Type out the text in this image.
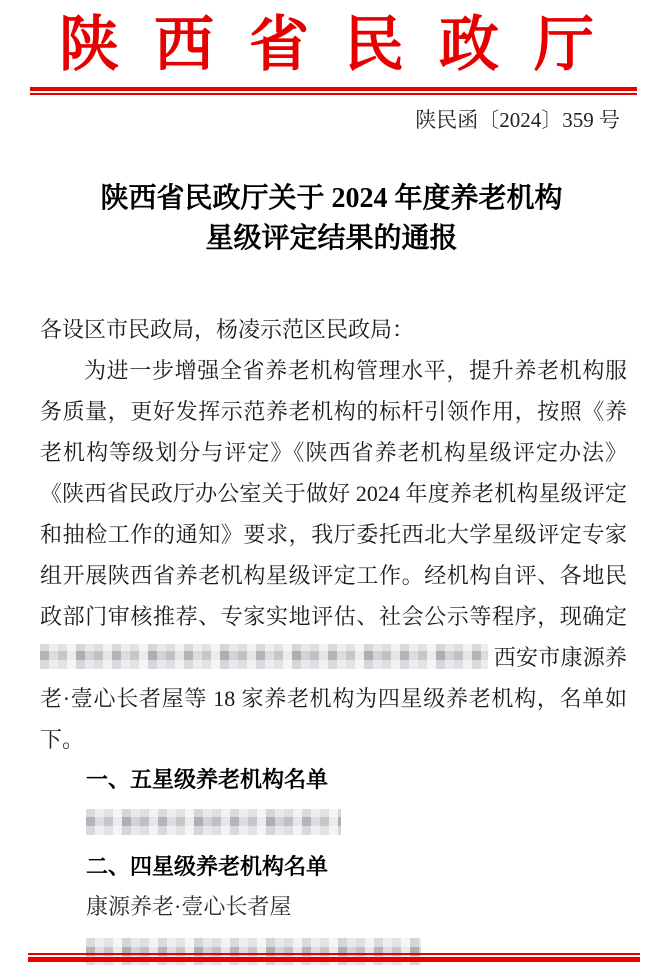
陕 西 省 民 政 厅
陕民函〔2024〕359 号
陕西省民政厅关于 2024 年度养老机构
星级评定结果的通报
各设区市民政局，杨凌示范区民政局：
为进一步增强全省养老机构管理水平，提升养老机构服务质量，更好发挥示范养老机构的标杆引领作用，按照《养老机构等级划分与评定》《陕西省养老机构星级评定办法》《陕西省民政厅办公室关于做好 2024 年度养老机构星级评定和抽检工作的通知》要求，我厅委托西北大学星级评定专家组开展陕西省养老机构星级评定工作。经机构自评、各地民政部门审核推荐、专家实地评估、社会公示等程序，现确定 西安市康源养老·壹心长者屋等 18 家养老机构为四星级养老机构，名单如下。
一、五星级养老机构名单
二、四星级养老机构名单
康源养老·壹心长者屋
